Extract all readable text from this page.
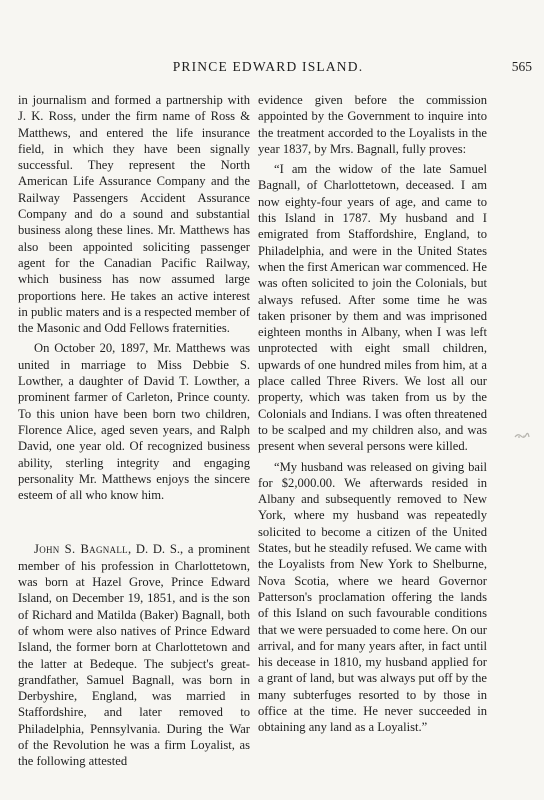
PRINCE EDWARD ISLAND.	565

in journalism and formed a partnership with J. K. Ross, under the firm name of Ross & Matthews, and entered the life insurance field, in which they have been signally successful. They represent the North American Life Assurance Company and the Railway Passengers Accident Assurance Company and do a sound and substantial business along these lines. Mr. Matthews has also been appointed soliciting passenger agent for the Canadian Pacific Railway, which business has now assumed large proportions here. He takes an active interest in public maters and is a respected member of the Masonic and Odd Fellows fraternities.

On October 20, 1897, Mr. Matthews was united in marriage to Miss Debbie S. Lowther, a daughter of David T. Lowther, a prominent farmer of Carleton, Prince county. To this union have been born two children, Florence Alice, aged seven years, and Ralph David, one year old. Of recognized business ability, sterling integrity and engaging personality Mr. Matthews enjoys the sincere esteem of all who know him.

John S. Bagnall, D. D. S., a prominent member of his profession in Charlottetown, was born at Hazel Grove, Prince Edward Island, on December 19, 1851, and is the son of Richard and Matilda (Baker) Bagnall, both of whom were also natives of Prince Edward Island, the former born at Charlottetown and the latter at Bedeque. The subject's great-grandfather, Samuel Bagnall, was born in Derbyshire, England, was married in Staffordshire, and later removed to Philadelphia, Pennsylvania. During the War of the Revolution he was a firm Loyalist, as the following attested

evidence given before the commission appointed by the Government to inquire into the treatment accorded to the Loyalists in the year 1837, by Mrs. Bagnall, fully proves:

“I am the widow of the late Samuel Bagnall, of Charlottetown, deceased. I am now eighty-four years of age, and came to this Island in 1787. My husband and I emigrated from Staffordshire, England, to Philadelphia, and were in the United States when the first American war commenced. He was often solicited to join the Colonials, but always refused. After some time he was taken prisoner by them and was imprisoned eighteen months in Albany, when I was left unprotected with eight small children, upwards of one hundred miles from him, at a place called Three Rivers. We lost all our property, which was taken from us by the Colonials and Indians. I was often threatened to be scalped and my children also, and was present when several persons were killed.

“My husband was released on giving bail for $2,000.00. We afterwards resided in Albany and subsequently removed to New York, where my husband was repeatedly solicited to become a citizen of the United States, but he steadily refused. We came with the Loyalists from New York to Shelburne, Nova Scotia, where we heard Governor Patterson's proclamation offering the lands of this Island on such favourable conditions that we were persuaded to come here. On our arrival, and for many years after, in fact until his decease in 1810, my husband applied for a grant of land, but was always put off by the many subterfuges resorted to by those in office at the time. He never succeeded in obtaining any land as a Loyalist.”
